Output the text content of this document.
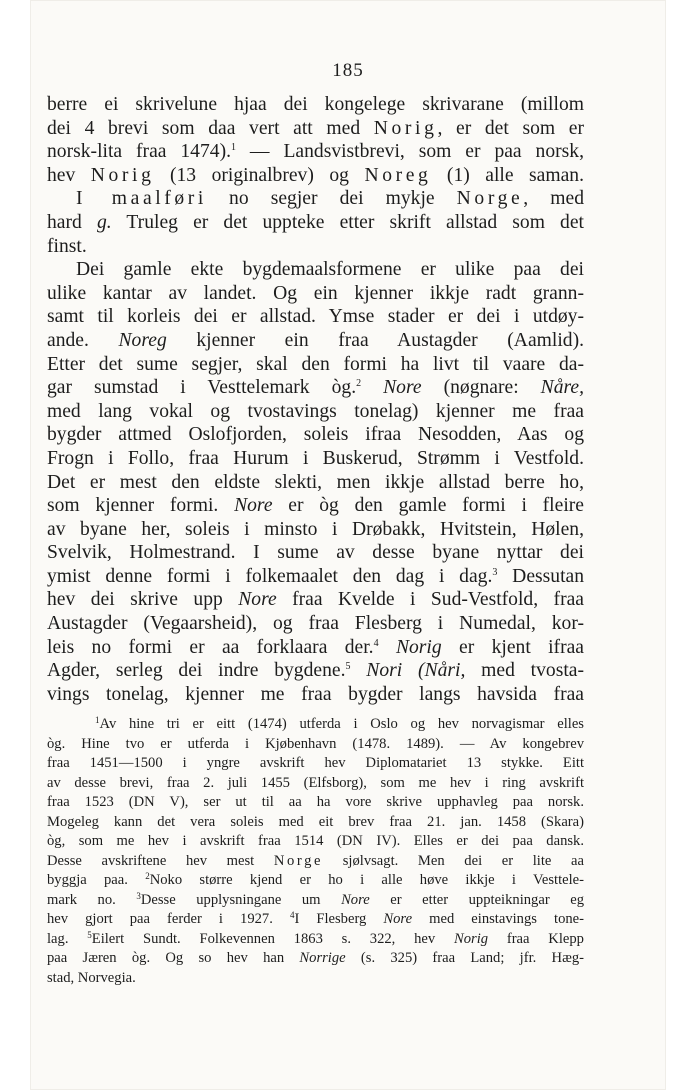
185
berre ei skrivelune hjaa dei kongelege skrivarane (millom
dei 4 brevi som daa vert att med Norig, er det som er
norsk-lita fraa 1474).$^1$ — Landsvistbrevi, som er paa norsk,
hev Norig (13 originalbrev) og Noreg (1) alle saman.
I maalføri no segjer dei mykje Norge, med
hard g. Truleg er det uppteke etter skrift allstad som det
finst.
Dei gamle ekte bygdemaalsformene er ulike paa dei
ulike kantar av landet. Og ein kjenner ikkje radt grann-
samt til korleis dei er allstad. Ymse stader er dei i utdøy-
ande. Noreg kjenner ein fraa Austagder (Aamlid).
Etter det sume segjer, skal den formi ha livt til vaare da-
gar sumstad i Vesttelemark òg.$^2$ Nore (nøgnare: Nåre,
med lang vokal og tvostavings tonelag) kjenner me fraa
bygder attmed Oslofjorden, soleis ifraa Nesodden, Aas og
Frogn i Follo, fraa Hurum i Buskerud, Strømm i Vestfold.
Det er mest den eldste slekti, men ikkje allstad berre ho,
som kjenner formi. Nore er òg den gamle formi i fleire
av byane her, soleis i minsto i Drøbakk, Hvitstein, Hølen,
Svelvik, Holmestrand. I sume av desse byane nyttar dei
ymist denne formi i folkemaalet den dag i dag.$^3$ Dessutan
hev dei skrive upp Nore fraa Kvelde i Sud-Vestfold, fraa
Austagder (Vegaarsheid), og fraa Flesberg i Numedal, kor-
leis no formi er aa forklaara der.$^4$ Norig er kjent ifraa
Agder, serleg dei indre bygdene.$^5$ Nori (Nåri, med tvosta-
vings tonelag, kjenner me fraa bygder langs havsida fraa
$^1$Av hine tri er eitt (1474) utferda i Oslo og hev norvagismar elles
òg. Hine tvo er utferda i Kjøbenhavn (1478. 1489). — Av kongebrev
fraa 1451—1500 i yngre avskrift hev Diplomatariet 13 stykke. Eitt
av desse brevi, fraa 2. juli 1455 (Elfsborg), som me hev i ring avskrift
fraa 1523 (DN V), ser ut til aa ha vore skrive upphavleg paa norsk.
Mogeleg kann det vera soleis med eit brev fraa 21. jan. 1458 (Skara)
òg, som me hev i avskrift fraa 1514 (DN IV). Elles er dei paa dansk.
Desse avskriftene hev mest Norge sjølvsagt. Men dei er lite aa
byggja paa. $^2$Noko større kjend er ho i alle høve ikkje i Vesttele-
mark no. $^3$Desse upplysningane um Nore er etter uppteikningar eg
hev gjort paa ferder i 1927. $^4$I Flesberg Nore med einstavings tone-
lag. $^5$Eilert Sundt. Folkevennen 1863 s. 322, hev Norig fraa Klepp
paa Jæren òg. Og so hev han Norrige (s. 325) fraa Land; jfr. Hæg-
stad, Norvegia.
